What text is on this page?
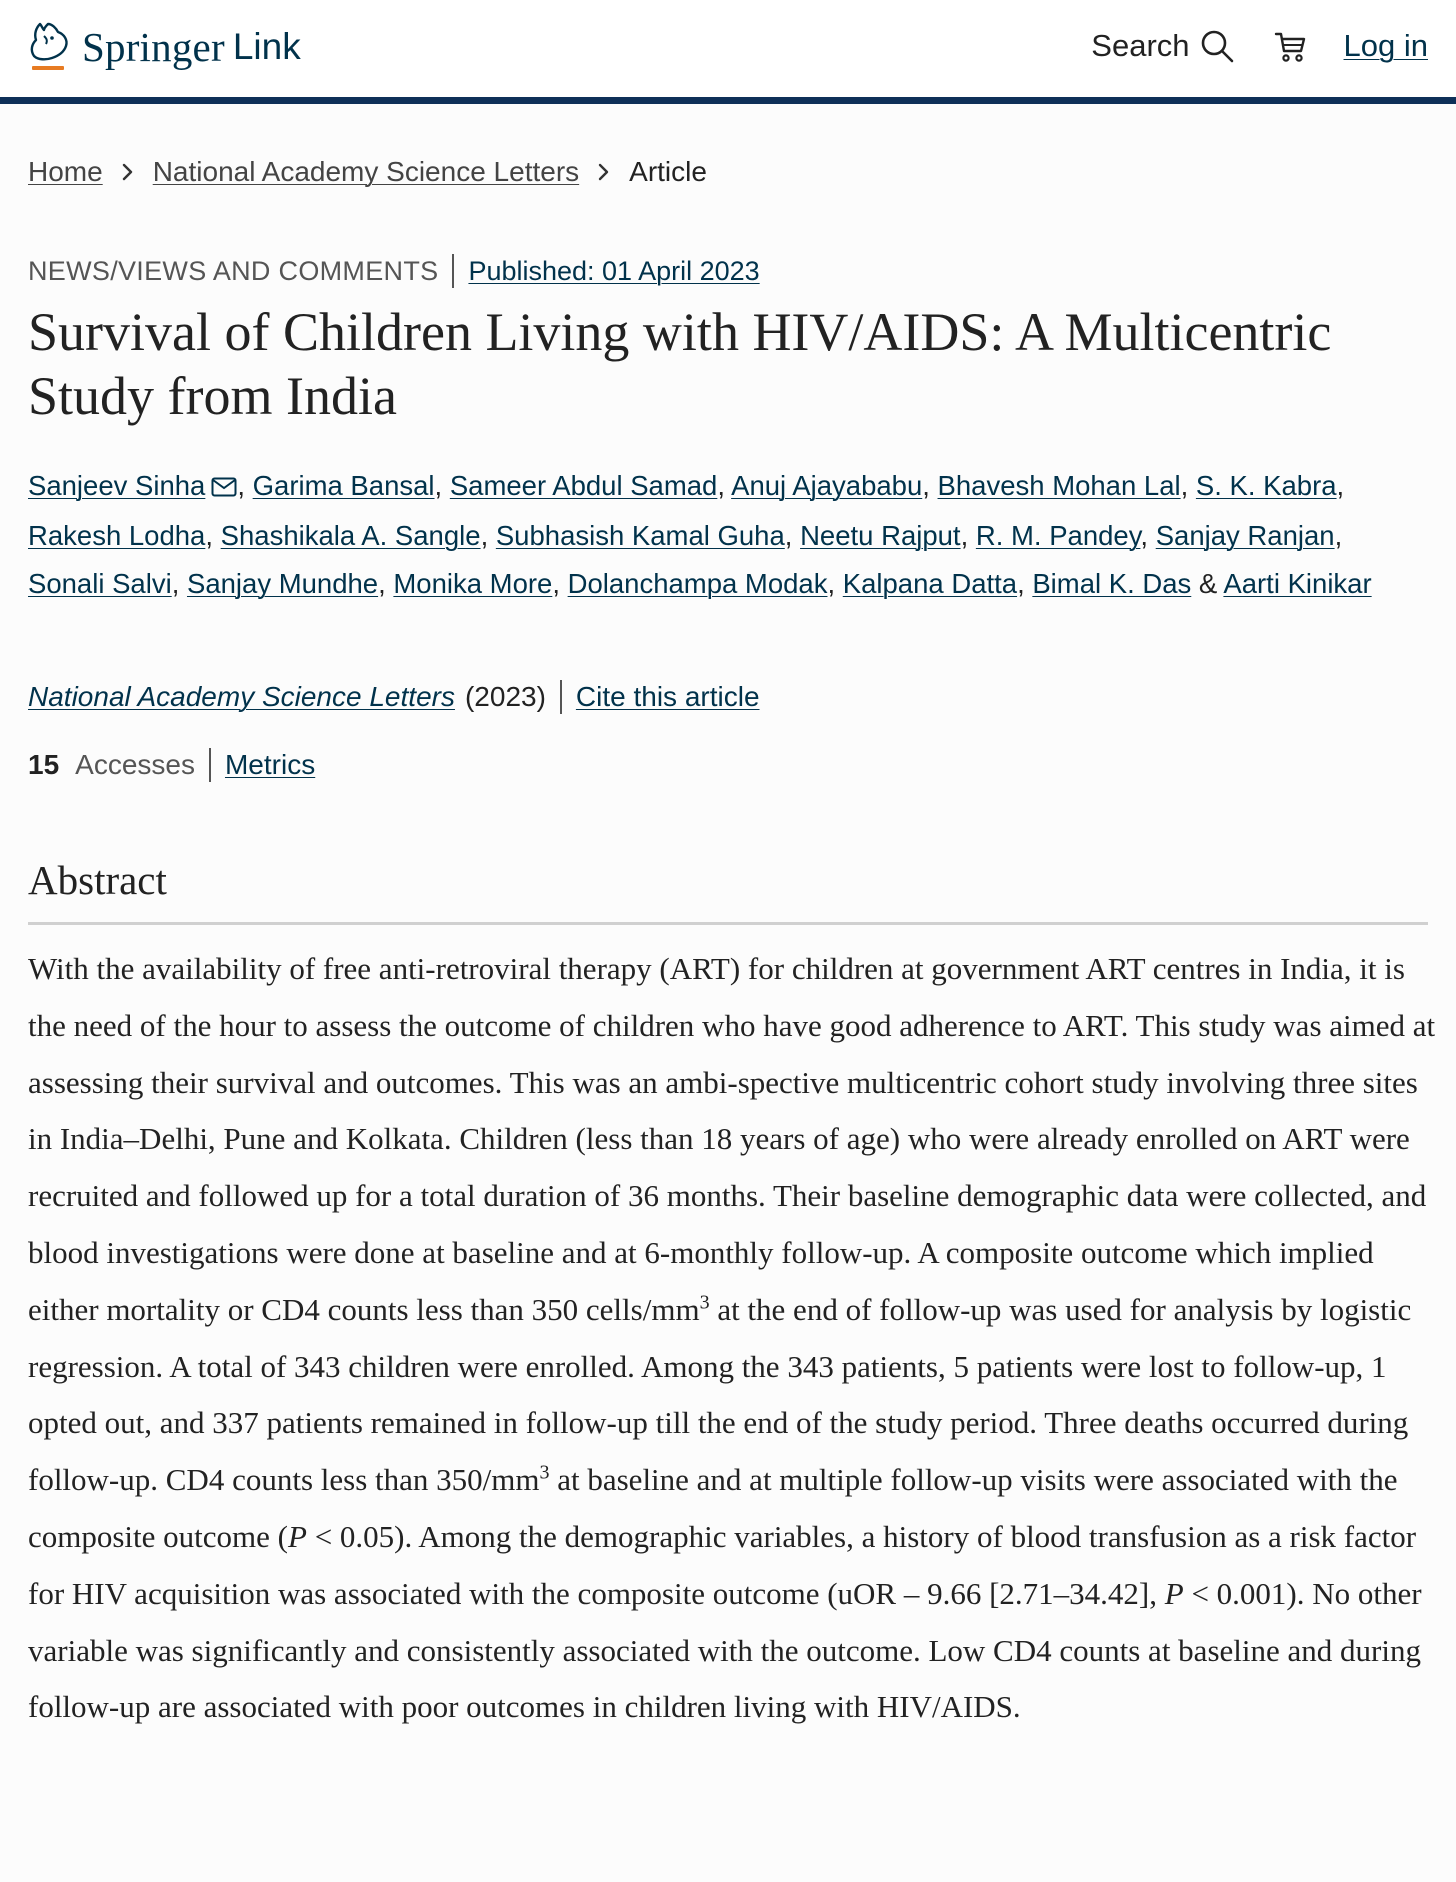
Springer Link	Search	Log in
Home National Academy Science Letters Article
NEWS/VIEWS AND COMMENTS Published: 01 April 2023
Survival of Children Living with HIV/AIDS: A Multicentric Study from India
Sanjeev Sinha , Garima Bansal, Sameer Abdul Samad, Anuj Ajayababu, Bhavesh Mohan Lal, S. K. Kabra,
Rakesh Lodha, Shashikala A. Sangle, Subhasish Kamal Guha, Neetu Rajput, R. M. Pandey, Sanjay Ranjan,
Sonali Salvi, Sanjay Mundhe, Monika More, Dolanchampa Modak, Kalpana Datta, Bimal K. Das & Aarti Kinikar
National Academy Science Letters (2023) Cite this article
15 Accesses Metrics
Abstract

With the availability of free anti-retroviral therapy (ART) for children at government ART centres in India, it is the need of the hour to assess the outcome of children who have good adherence to ART. This study was aimed at assessing their survival and outcomes. This was an ambi-spective multicentric cohort study involving three sites in India–Delhi, Pune and Kolkata. Children (less than 18 years of age) who were already enrolled on ART were recruited and followed up for a total duration of 36 months. Their baseline demographic data were collected, and blood investigations were done at baseline and at 6-monthly follow-up. A composite outcome which implied either mortality or CD4 counts less than 350 cells/$mm^3$ at the end of follow-up was used for analysis by logistic regression. A total of 343 children were enrolled. Among the 343 patients, 5 patients were lost to follow-up, 1 opted out, and 337 patients remained in follow-up till the end of the study period. Three deaths occurred during follow-up. CD4 counts less than $350/mm^3$ at baseline and at multiple follow-up visits were associated with the composite outcome (P < 0.05). Among the demographic variables, a history of blood transfusion as a risk factor for HIV acquisition was associated with the composite outcome (uOR – 9.66 [2.71–34.42], P < 0.001). No other variable was significantly and consistently associated with the outcome. Low CD4 counts at baseline and during follow-up are associated with poor outcomes in children living with HIV/AIDS.
